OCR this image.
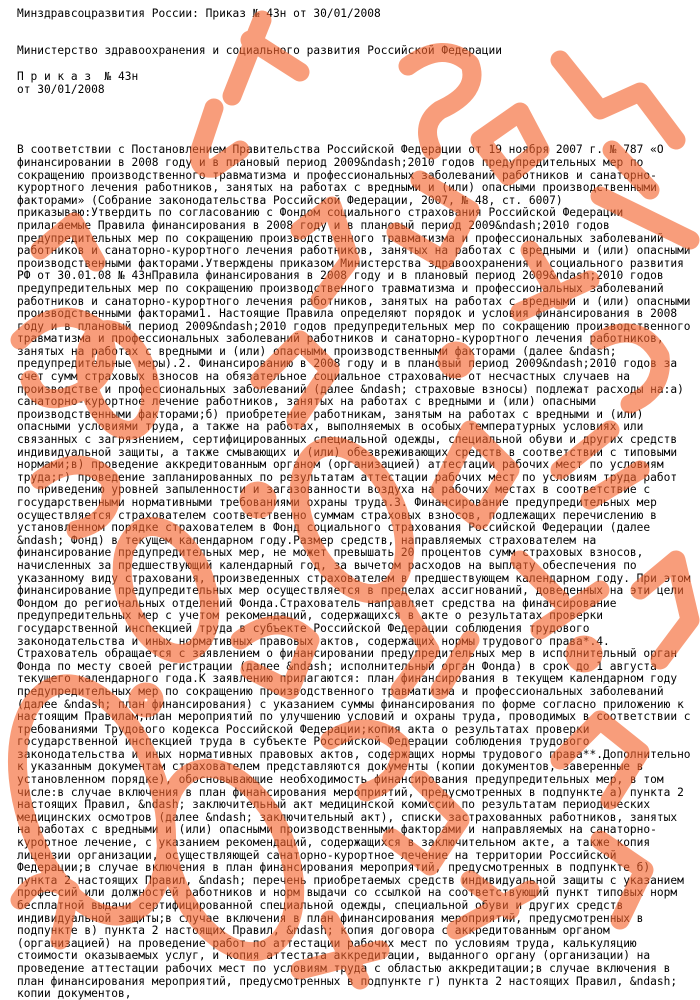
Минздравсоцразвития России: Приказ № 43н от 30/01/2008

Министерство здравоохранения и социального развития Российской Федерации

П р и к а з  № 43н

от 30/01/2008

В соответствии с Постановлением Правительства Российской Федерации от 19 ноября 2007 г. № 787 «О финансировании в 2008 году и в плановый период 2009&ndash;2010 годов предупредительных мер по сокращению производственного травматизма и профессиональных заболеваний работников и санаторно-курортного лечения работников, занятых на работах с вредными и (или) опасными производственными факторами» (Собрание законодательства Российской Федерации, 2007, № 48, ст. 6007) приказываю:Утвердить по согласованию с Фондом социального страхования Российской Федерации прилагаемые Правила финансирования в 2008 году и в плановый период 2009&ndash;2010 годов предупредительных мер по сокращению производственного травматизма и профессиональных заболеваний работников и санаторно-курортного лечения работников, занятых на работах с вредными и (или) опасными производственными факторами.Утверждены приказом Министерства здравоохранения и социального развития РФ от 30.01.08 № 43нПравила финансирования в 2008 году и в плановый период 2009&ndash;2010 годов предупредительных мер по сокращению производственного травматизма и профессиональных заболеваний работников и санаторно-курортного лечения работников, занятых на работах с вредными и (или) опасными производственными факторами1. Настоящие Правила определяют порядок и условия финансирования в 2008 году и в плановый период 2009&ndash;2010 годов предупредительных мер по сокращению производственного травматизма и профессиональных заболеваний работников и санаторно-курортного лечения работников, занятых на работах с вредными и (или) опасными производственными факторами (далее &ndash; предупредительные меры).2. Финансированию в 2008 году и в плановый период 2009&ndash;2010 годов за счет сумм страховых взносов на обязательное социальное страхование от несчастных случаев на производстве и профессиональных заболеваний (далее &ndash; страховые взносы) подлежат расходы на:а) санаторно-курортное лечение работников, занятых на работах с вредными и (или) опасными производственными факторами;б) приобретение работникам, занятым на работах с вредными и (или) опасными условиями труда, а также на работах, выполняемых в особых температурных условиях или связанных с загрязнением, сертифицированных специальной одежды, специальной обуви и других средств индивидуальной защиты, а также смывающих и (или) обезвреживающих средств в соответствии с типовыми нормами;в) проведение аккредитованным органом (организацией) аттестации рабочих мест по условиям труда;г) проведение запланированных по результатам аттестации рабочих мест по условиям труда работ по приведению уровней запыленности и загазованности воздуха на рабочих местах в соответствие с государственными нормативными требованиями охраны труда.3. Финансирование предупредительных мер осуществляется страхователем соответственно суммам страховых взносов, подлежащих перечислению в установленном порядке страхователем в Фонд социального страхования Российской Федерации (далее &ndash; Фонд) в текущем календарном году.Размер средств, направляемых страхователем на финансирование предупредительных мер, не может превышать 20 процентов сумм страховых взносов, начисленных за предшествующий календарный год, за вычетом расходов на выплату обеспечения по указанному виду страхования, произведенных страхователем в предшествующем календарном году. При этом финансирование предупредительных мер осуществляется в пределах ассигнований, доведенных на эти цели Фондом до региональных отделений Фонда.Страхователь направляет средства на финансирование предупредительных мер с учетом рекомендаций, содержащихся в акте о результатах проверки государственной инспекцией труда в субъекте Российской Федерации соблюдения трудового законодательства и иных нормативных правовых актов, содержащих нормы трудового права*.4. Страхователь обращается с заявлением о финансировании предупредительных мер в исполнительный орган Фонда по месту своей регистрации (далее &ndash; исполнительный орган Фонда) в срок до 1 августа текущего календарного года.К заявлению прилагаются: план финансирования в текущем календарном году предупредительных мер по сокращению производственного травматизма и профессиональных заболеваний (далее &ndash; план финансирования) с указанием суммы финансирования по форме согласно приложению к настоящим Правилам;план мероприятий по улучшению условий и охраны труда, проводимых в соответствии с требованиями Трудового кодекса Российской Федерации;копия акта о результатах проверки государственной инспекцией труда в субъекте Российской Федерации соблюдения трудового законодательства и иных нормативных правовых актов, содержащих нормы трудового права**.Дополнительно к указанным документам страхователем представляются документы (копии документов, заверенные в установленном порядке), обосновывающие необходимость финансирования предупредительных мер, в том числе:в случае включения в план финансирования мероприятий, предусмотренных в подпункте а) пункта 2 настоящих Правил, &ndash; заключительный акт медицинской комиссии по результатам периодических медицинских осмотров (далее &ndash; заключительный акт), списки застрахованных работников, занятых на работах с вредными и (или) опасными производственными факторами и направляемых на санаторно-курортное лечение, с указанием рекомендаций, содержащихся в заключительном акте, а также копия лицензии организации, осуществляющей санаторно-курортное лечение на территории Российской Федерации;в случае включения в план финансирования мероприятий, предусмотренных в подпункте б) пункта 2 настоящих Правил, &ndash; перечень приобретаемых средств индивидуальной защиты с указанием профессий или должностей работников и норм выдачи со ссылкой на соответствующий пункт типовых норм бесплатной выдачи сертифицированной специальной одежды, специальной обуви и других средств индивидуальной защиты;в случае включения в план финансирования мероприятий, предусмотренных в подпункте в) пункта 2 настоящих Правил, &ndash; копия договора с аккредитованным органом (организацией) на проведение работ по аттестации рабочих мест по условиям труда, калькуляцию стоимости оказываемых услуг, и копия аттестата аккредитации, выданного органу (организации) на проведение аттестации рабочих мест по условиям труда с областью аккредитации;в случае включения в план финансирования мероприятий, предусмотренных в подпункте г) пункта 2 настоящих Правил, &ndash; копии документов,
